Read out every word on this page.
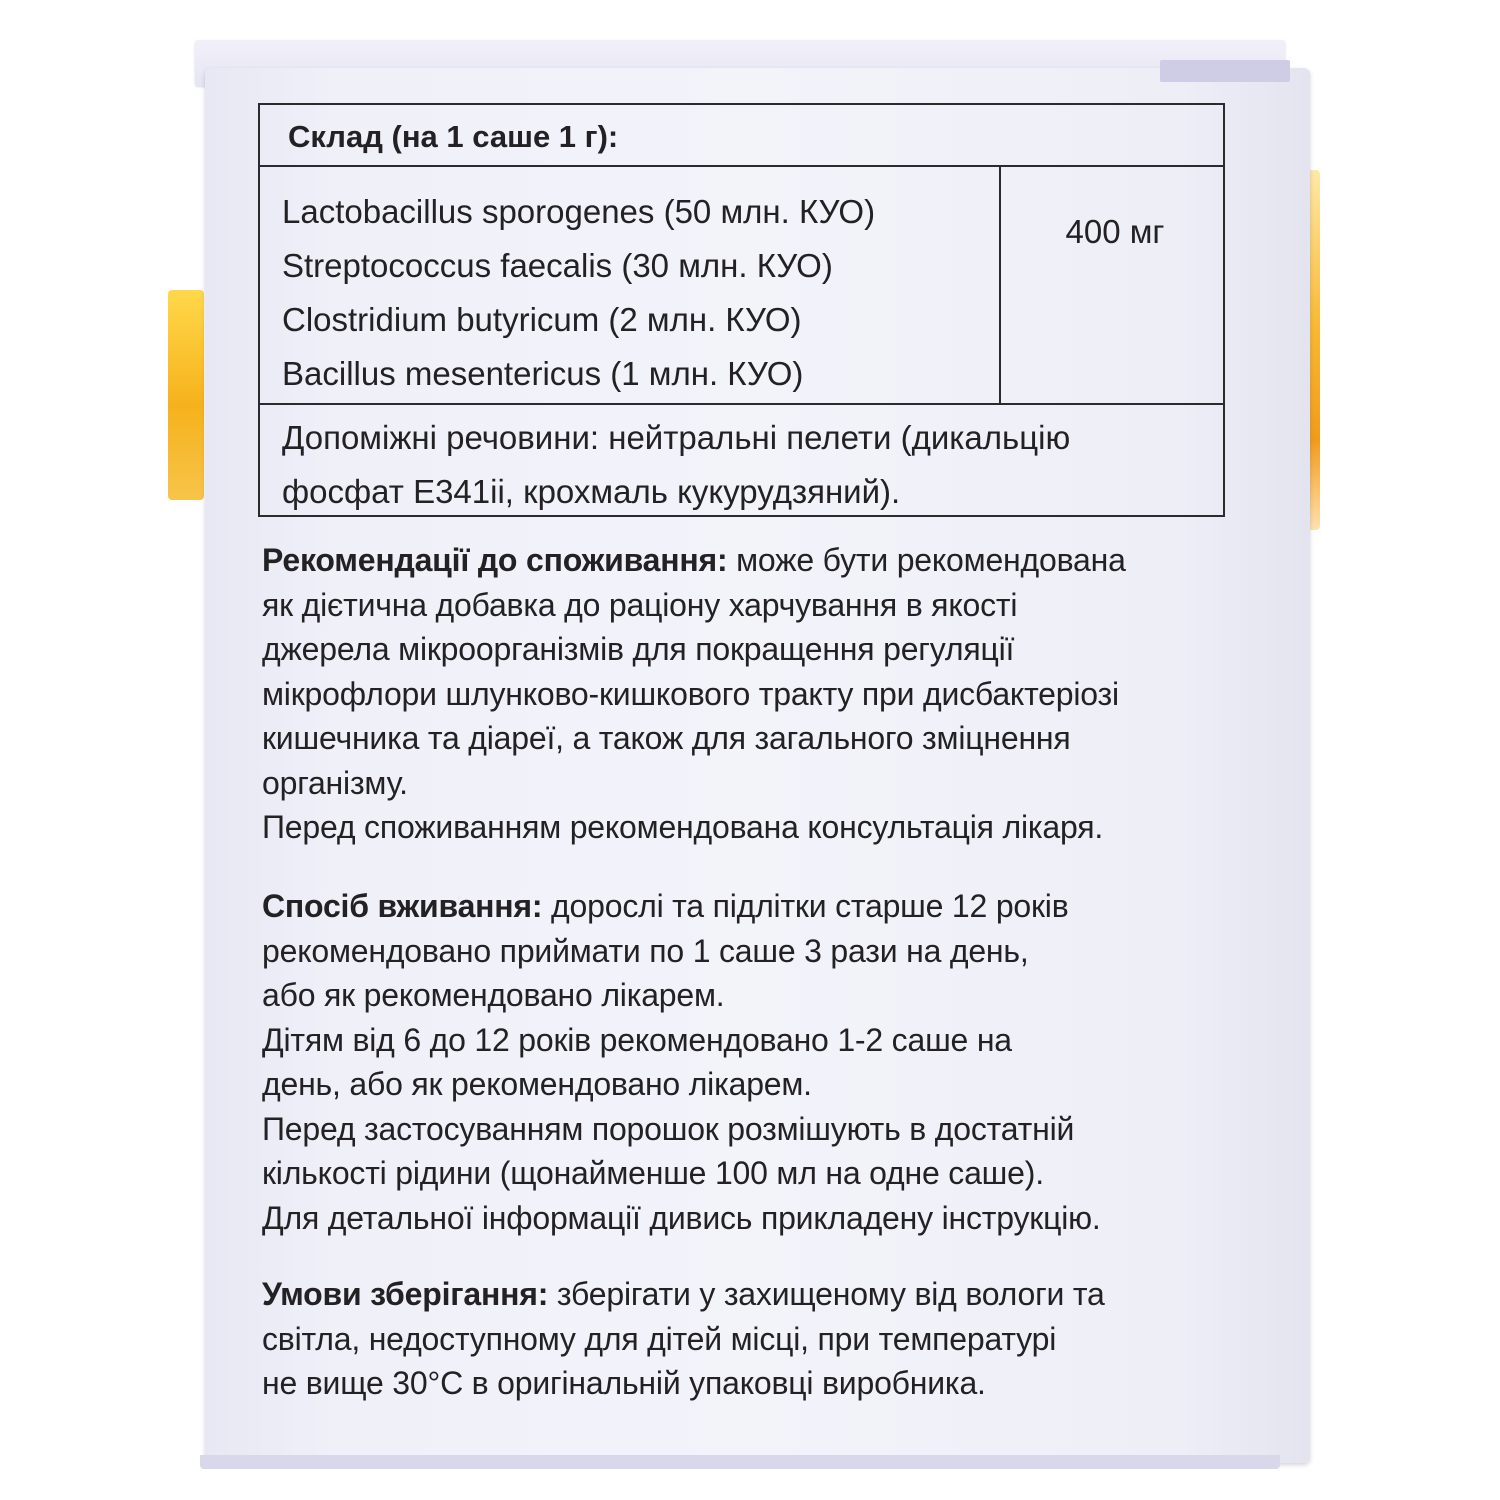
Склад (на 1 саше 1 г):
Lactobacillus sporogenes (50 млн. КУО)
Streptococcus faecalis (30 млн. КУО)
Clostridium butyricum (2 млн. КУО)
Bacillus mesentericus (1 млн. КУО)
400 мг
Допоміжні речовини: нейтральні пелети (дикальцію
фосфат Е341іі, крохмаль кукурудзяний).
Рекомендації до споживання: може бути рекомендована
як дієтична добавка до раціону харчування в якості
джерела мікроорганізмів для покращення регуляції
мікрофлори шлунково-кишкового тракту при дисбактеріозі
кишечника та діареї, а також для загального зміцнення
організму.
Перед споживанням рекомендована консультація лікаря.
Спосіб вживання: дорослі та підлітки старше 12 років
рекомендовано приймати по 1 саше 3 рази на день,
або як рекомендовано лікарем.
Дітям від 6 до 12 років рекомендовано 1-2 саше на
день, або як рекомендовано лікарем.
Перед застосуванням порошок розмішують в достатній
кількості рідини (щонайменше 100 мл на одне саше).
Для детальної інформації дивись прикладену інструкцію.
Умови зберігання: зберігати у захищеному від вологи та
світла, недоступному для дітей місці, при температурі
не вище 30°С в оригінальній упаковці виробника.
